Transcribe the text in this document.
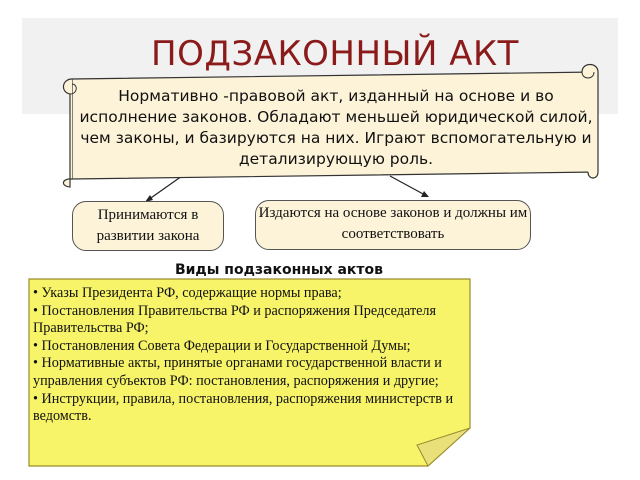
ПОДЗАКОННЫЙ АКТ
Нормативно -правовой акт, изданный на основе и во исполнение законов. Обладают меньшей юридической силой, чем законы, и базируются на них. Играют вспомогательную и детализирующую роль.
Принимаются в развитии закона
Издаются на основе законов и должны им соответствовать
Виды подзаконных актов
• Указы Президента РФ, содержащие нормы права;
• Постановления Правительства РФ и распоряжения Председателя Правительства РФ;
• Постановления Совета Федерации и Государственной Думы;
• Нормативные акты, принятые органами государственной власти и управления субъектов РФ: постановления, распоряжения и другие;
• Инструкции, правила, постановления, распоряжения министерств и ведомств.
